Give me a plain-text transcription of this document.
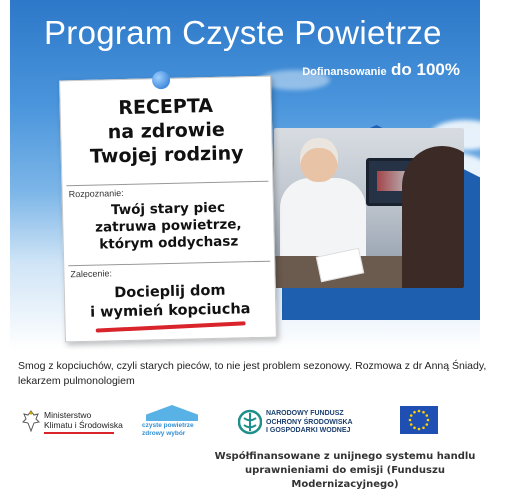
Program Czyste Powietrze
Dofinansowanie do 100%
RECEPTA
na zdrowie
Twojej rodziny
Rozpoznanie:
Twój stary piec
zatruwa powietrze,
którym oddychasz
Zalecenie:
Docieplij dom
i wymień kopciucha
Smog z kopciuchów, czyli starych pieców, to nie jest problem sezonowy. Rozmowa z dr Anną Śniady, lekarzem pulmonologiem
Ministerstwo
Klimatu i Środowiska	czyste powietrze
zdrowy wybór
NARODOWY FUNDUSZ
OCHRONY ŚRODOWISKA
I GOSPODARKI WODNEJ
Współfinansowane z unijnego systemu handlu
uprawnieniami do emisji (Funduszu Modernizacyjnego)
